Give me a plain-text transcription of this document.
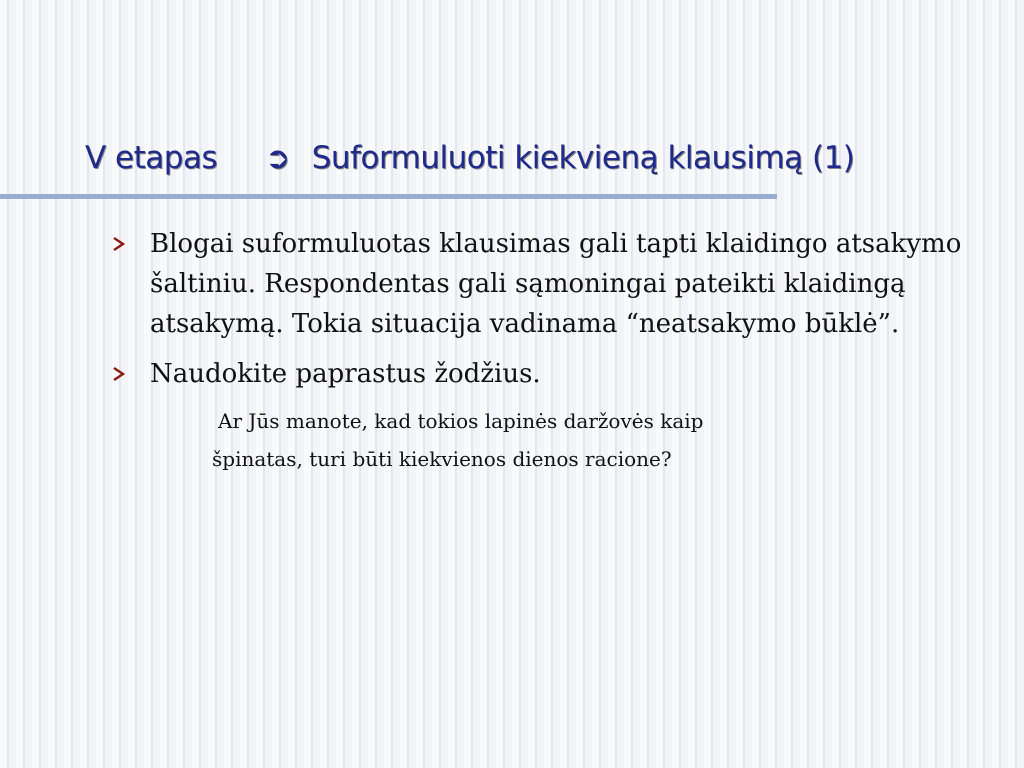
V etapas ➲ Suformuluoti kiekvieną klausimą (1)
Blogai suformuluotas klausimas gali tapti klaidingo atsakymo šaltiniu. Respondentas gali sąmoningai pateikti klaidingą atsakymą. Tokia situacija vadinama “neatsakymo būklė”.
Naudokite paprastus žodžius.
Ar Jūs manote, kad tokios lapinės daržovės kaip
špinatas, turi būti kiekvienos dienos racione?
